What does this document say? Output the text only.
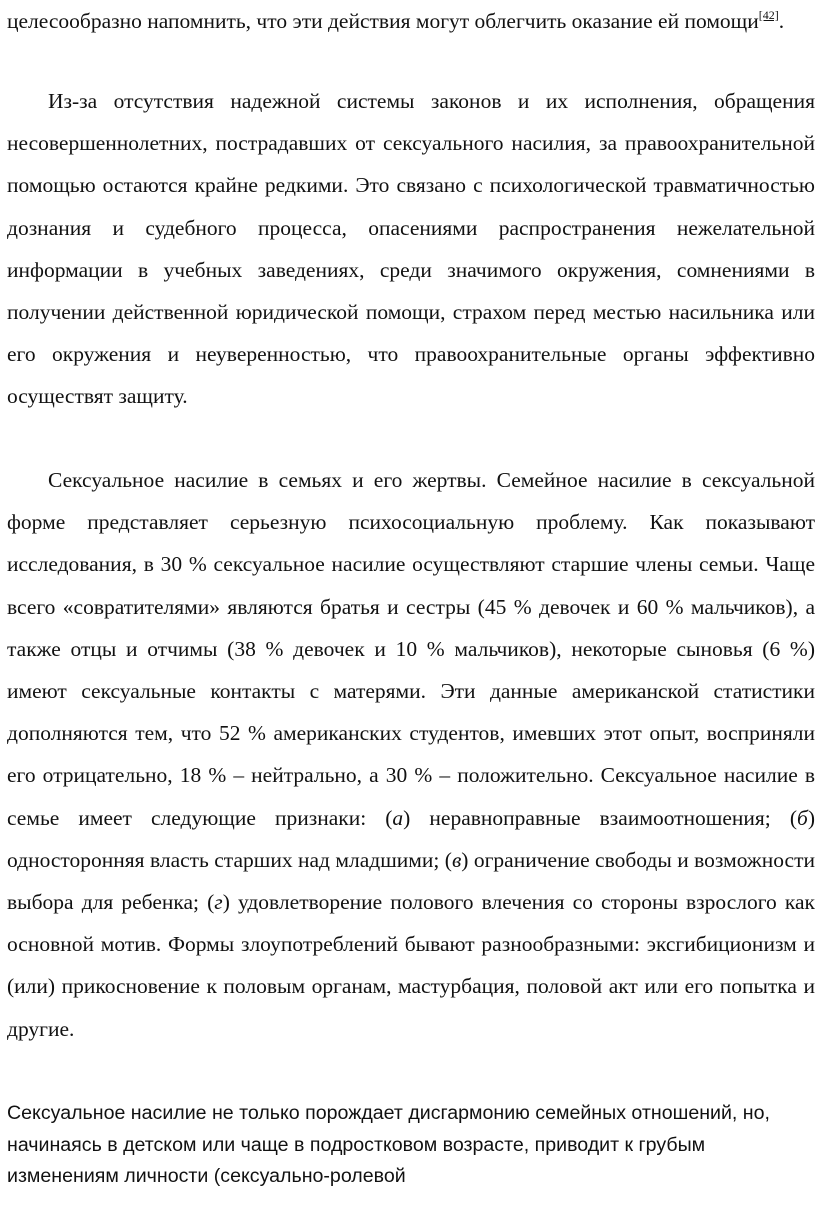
целесообразно напомнить, что эти действия могут облегчить оказание ей помощи[42].

Из-за отсутствия надежной системы законов и их исполнения, обращения несовершеннолетних, пострадавших от сексуального насилия, за правоохранительной помощью остаются крайне редкими. Это связано с психологической травматичностью дознания и судебного процесса, опасениями распространения нежелательной информации в учебных заведениях, среди значимого окружения, сомнениями в получении действенной юридической помощи, страхом перед местью насильника или его окружения и неуверенностью, что правоохранительные органы эффективно осуществят защиту.

Сексуальное насилие в семьях и его жертвы. Семейное насилие в сексуальной форме представляет серьезную психосоциальную проблему. Как показывают исследования, в 30 % сексуальное насилие осуществляют старшие члены семьи. Чаще всего «совратителями» являются братья и сестры (45 % девочек и 60 % мальчиков), а также отцы и отчимы (38 % девочек и 10 % мальчиков), некоторые сыновья (6 %) имеют сексуальные контакты с матерями. Эти данные американской статистики дополняются тем, что 52 % американских студентов, имевших этот опыт, восприняли его отрицательно, 18 % – нейтрально, а 30 % – положительно. Сексуальное насилие в семье имеет следующие признаки: (а) неравноправные взаимоотношения; (б) односторонняя власть старших над младшими; (в) ограничение свободы и возможности выбора для ребенка; (г) удовлетворение полового влечения со стороны взрослого как основной мотив. Формы злоупотреблений бывают разнообразными: эксгибиционизм и (или) прикосновение к половым органам, мастурбация, половой акт или его попытка и другие.

Сексуальное насилие не только порождает дисгармонию семейных отношений, но, начинаясь в детском или чаще в подростковом возрасте, приводит к грубым изменениям личности (сексуально-ролевой
